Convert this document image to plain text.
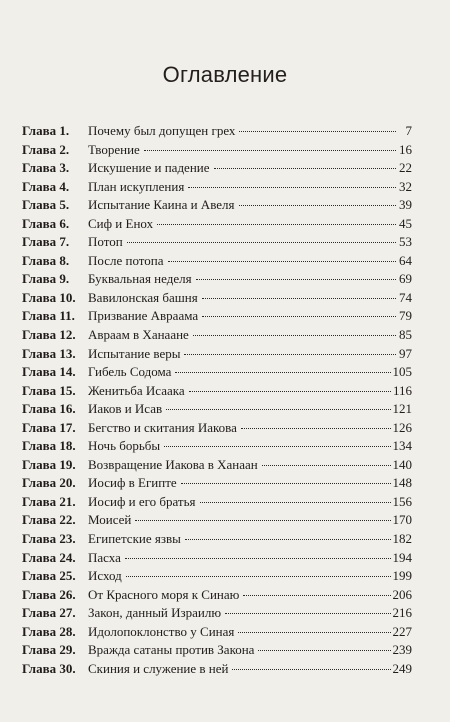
Оглавление
Глава 1.	Почему был допущен грех	7
Глава 2.	Творение	16
Глава 3.	Искушение и падение	22
Глава 4.	План искупления	32
Глава 5.	Испытание Каина и Авеля	39
Глава 6.	Сиф и Енох	45
Глава 7.	Потоп	53
Глава 8.	После потопа	64
Глава 9.	Буквальная неделя	69
Глава 10. Вавилонская башня	74
Глава 11.	Призвание Авраама	79
Глава 12. Авраам в Ханаане	85
Глава 13. Испытание веры	97
Глава 14. Гибель Содома	105
Глава 15. Женитьба Исаака	116
Глава 16. Иаков и Исав	121
Глава 17. Бегство и скитания Иакова	126
Глава 18. Ночь борьбы	134
Глава 19. Возвращение Иакова в Ханаан	140
Глава 20. Иосиф в Египте	148
Глава 21. Иосиф и его братья	156
Глава 22. Моисей	170
Глава 23. Египетские язвы	182
Глава 24. Пасха	194
Глава 25. Исход	199
Глава 26. От Красного моря к Синаю	206
Глава 27. Закон, данный Израилю	216
Глава 28. Идолопоклонство у Синая	227
Глава 29. Вражда сатаны против Закона	239
Глава 30. Скиния и служение в ней	249
